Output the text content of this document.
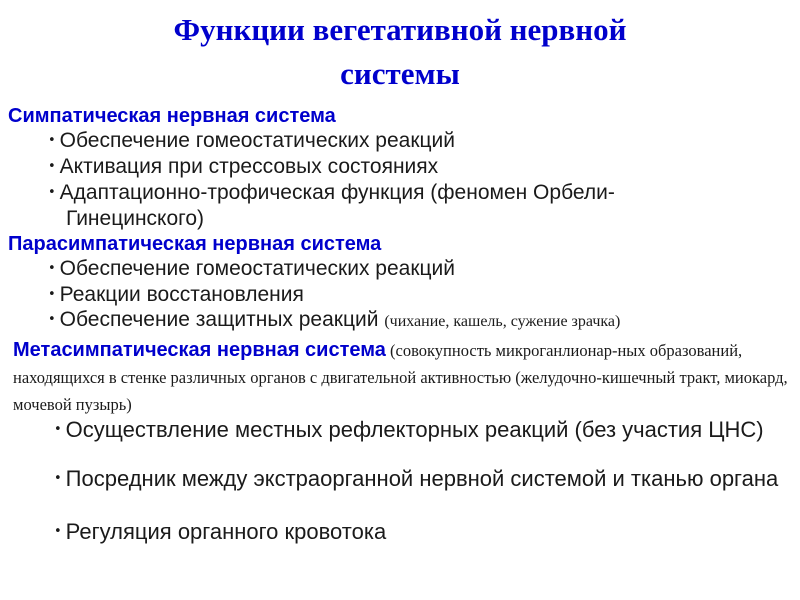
Функции вегетативной нервной
системы
Симпатическая нервная система
• Обеспечение гомеостатических реакций
• Активация при стрессовых состояниях
• Адаптационно-трофическая функция (феномен Орбели-
Гинецинского)
Парасимпатическая нервная система
• Обеспечение гомеостатических реакций
• Реакции восстановления
• Обеспечение защитных реакций (чихание, кашель, сужение зрачка)
Метасимпатическая нервная система (совокупность микроганлионар-ных образований, находящихся в стенке различных органов с двигательной активностью (желудочно-кишечный тракт, миокард, мочевой пузырь)
• Осуществление местных рефлекторных реакций (без участия ЦНС)
• Посредник между экстраорганной нервной системой и тканью органа
• Регуляция органного кровотока
